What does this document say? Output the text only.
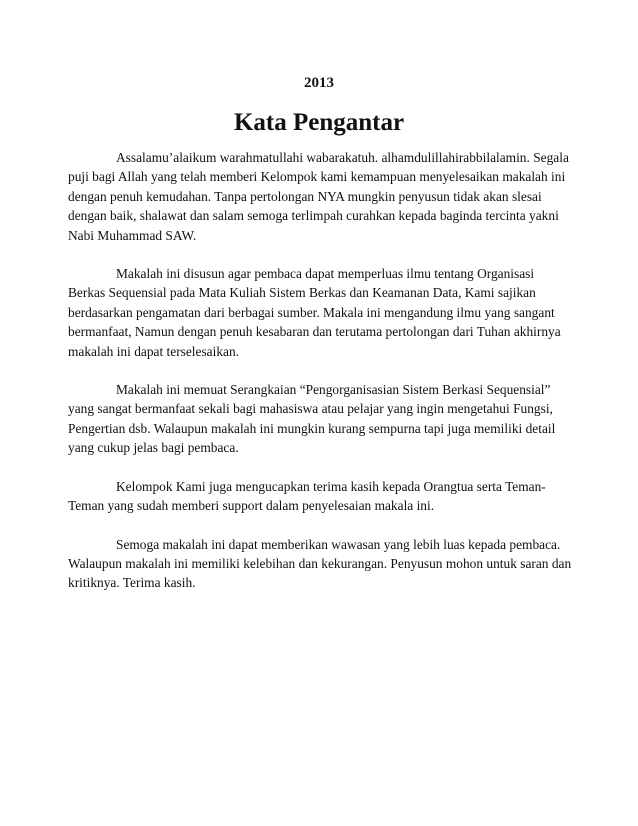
2013
Kata Pengantar

Assalamu’alaikum warahmatullahi wabarakatuh. alhamdulillahirabbilalamin. Segala puji bagi Allah yang telah memberi Kelompok kami kemampuan menyelesaikan makalah ini dengan penuh kemudahan. Tanpa pertolongan NYA mungkin penyusun tidak akan slesai dengan baik, shalawat dan salam semoga terlimpah curahkan kepada baginda tercinta yakni Nabi Muhammad SAW.

Makalah ini disusun agar pembaca dapat memperluas ilmu tentang Organisasi Berkas Sequensial pada Mata Kuliah Sistem Berkas dan Keamanan Data, Kami sajikan berdasarkan pengamatan dari berbagai sumber. Makala ini mengandung ilmu yang sangant bermanfaat, Namun dengan penuh kesabaran dan terutama pertolongan dari Tuhan akhirnya makalah ini dapat terselesaikan.

Makalah ini memuat Serangkaian “Pengorganisasian Sistem Berkasi Sequensial” yang sangat bermanfaat sekali bagi mahasiswa atau pelajar yang ingin mengetahui Fungsi, Pengertian dsb. Walaupun makalah ini mungkin kurang sempurna tapi juga memiliki detail yang cukup jelas bagi pembaca.

Kelompok Kami juga mengucapkan terima kasih kepada Orangtua serta Teman-Teman yang sudah memberi support dalam penyelesaian makala ini.

Semoga makalah ini dapat memberikan wawasan yang lebih luas kepada pembaca. Walaupun makalah ini memiliki kelebihan dan kekurangan. Penyusun mohon untuk saran dan kritiknya. Terima kasih.
